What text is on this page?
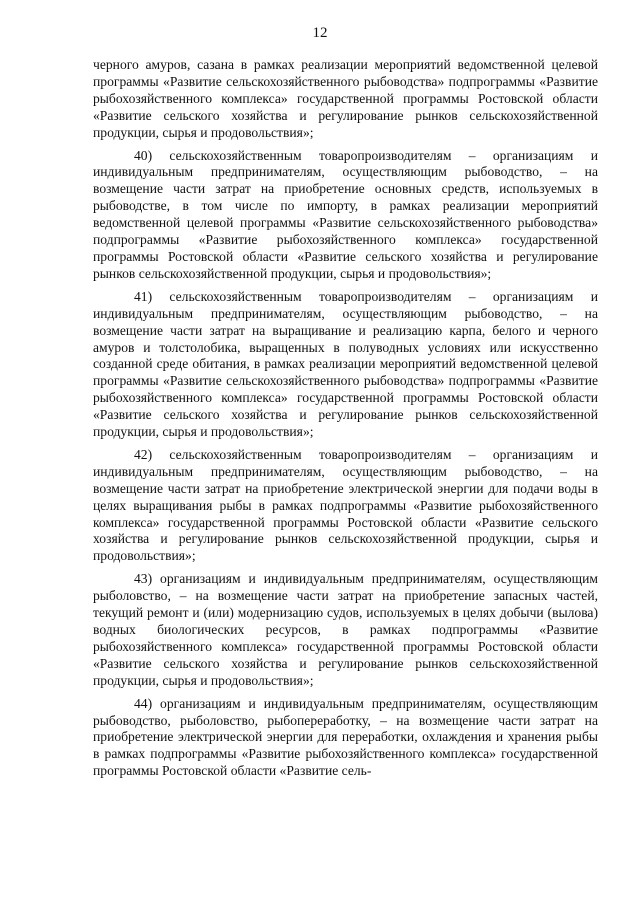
12

черного амуров, сазана в рамках реализации мероприятий ведомственной целевой программы «Развитие сельскохозяйственного рыбоводства» подпрограммы «Развитие рыбохозяйственного комплекса» государственной программы Ростовской области «Развитие сельского хозяйства и регулирование рынков сельскохозяйственной продукции, сырья и продовольствия»;

40) сельскохозяйственным товаропроизводителям – организациям и индивидуальным предпринимателям, осуществляющим рыбоводство, – на возмещение части затрат на приобретение основных средств, используемых в рыбоводстве, в том числе по импорту, в рамках реализации мероприятий ведомственной целевой программы «Развитие сельскохозяйственного рыбоводства» подпрограммы «Развитие рыбохозяйственного комплекса» государственной программы Ростовской области «Развитие сельского хозяйства и регулирование рынков сельскохозяйственной продукции, сырья и продовольствия»;

41) сельскохозяйственным товаропроизводителям – организациям и индивидуальным предпринимателям, осуществляющим рыбоводство, – на возмещение части затрат на выращивание и реализацию карпа, белого и черного амуров и толстолобика, выращенных в полуводных условиях или искусственно созданной среде обитания, в рамках реализации мероприятий ведомственной целевой программы «Развитие сельскохозяйственного рыбоводства» подпрограммы «Развитие рыбохозяйственного комплекса» государственной программы Ростовской области «Развитие сельского хозяйства и регулирование рынков сельскохозяйственной продукции, сырья и продовольствия»;

42) сельскохозяйственным товаропроизводителям – организациям и индивидуальным предпринимателям, осуществляющим рыбоводство, – на возмещение части затрат на приобретение электрической энергии для подачи воды в целях выращивания рыбы в рамках подпрограммы «Развитие рыбохозяйственного комплекса» государственной программы Ростовской области «Развитие сельского хозяйства и регулирование рынков сельскохозяйственной продукции, сырья и продовольствия»;

43) организациям и индивидуальным предпринимателям, осуществляющим рыболовство, – на возмещение части затрат на приобретение запасных частей, текущий ремонт и (или) модернизацию судов, используемых в целях добычи (вылова) водных биологических ресурсов, в рамках подпрограммы «Развитие рыбохозяйственного комплекса» государственной программы Ростовской области «Развитие сельского хозяйства и регулирование рынков сельскохозяйственной продукции, сырья и продовольствия»;

44) организациям и индивидуальным предпринимателям, осуществляющим рыбоводство, рыболовство, рыбопереработку, – на возмещение части затрат на приобретение электрической энергии для переработки, охлаждения и хранения рыбы в рамках подпрограммы «Развитие рыбохозяйственного комплекса» государственной программы Ростовской области «Развитие сель-
